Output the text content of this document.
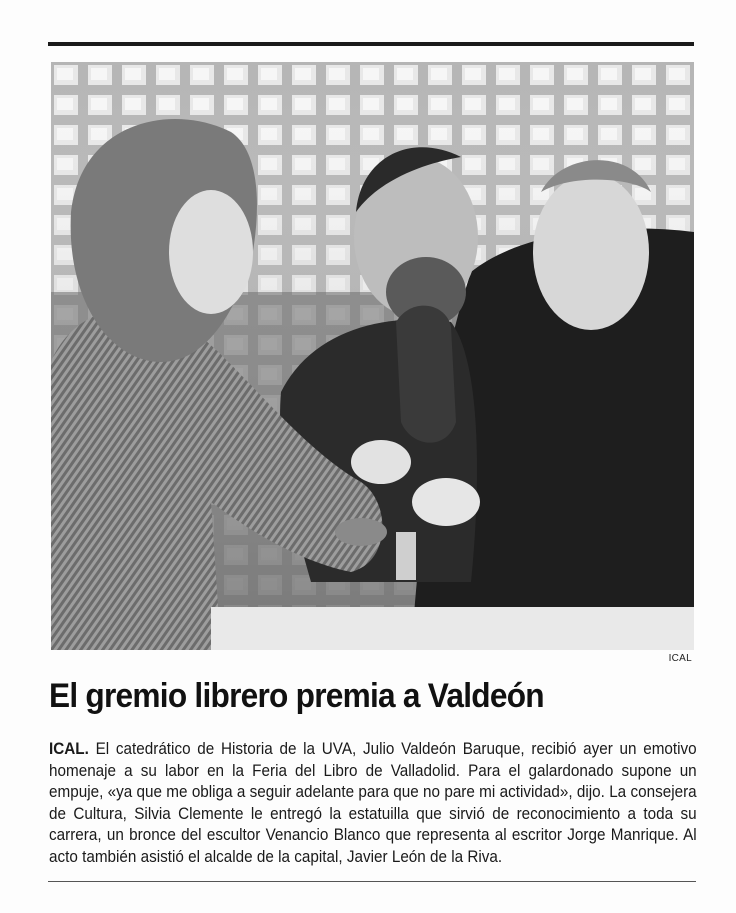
ICAL
El gremio librero premia a Valdeón

ICAL. El catedrático de Historia de la UVA, Julio Valdeón Baruque, recibió ayer un emotivo homenaje a su labor en la Feria del Libro de Valladolid. Para el galardonado supone un empuje, «ya que me obliga a seguir adelante para que no pare mi actividad», dijo. La consejera de Cultura, Silvia Clemente le entregó la estatuilla que sirvió de reconocimiento a toda su carrera, un bronce del escultor Venancio Blanco que representa al escritor Jorge Manrique. Al acto también asistió el alcalde de la capital, Javier León de la Riva.
